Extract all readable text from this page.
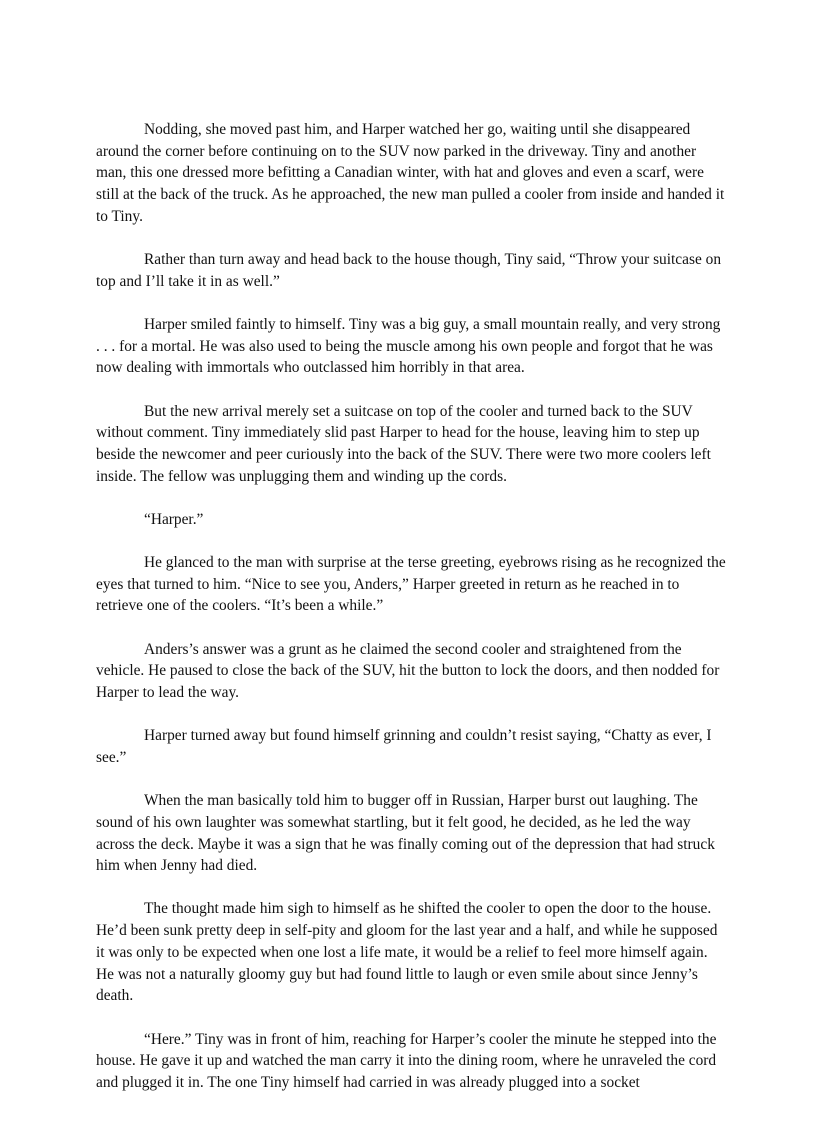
Nodding, she moved past him, and Harper watched her go, waiting until she disappeared around the corner before continuing on to the SUV now parked in the driveway. Tiny and another man, this one dressed more befitting a Canadian winter, with hat and gloves and even a scarf, were still at the back of the truck. As he approached, the new man pulled a cooler from inside and handed it to Tiny.

Rather than turn away and head back to the house though, Tiny said, “Throw your suitcase on top and I’ll take it in as well.”

Harper smiled faintly to himself. Tiny was a big guy, a small mountain really, and very strong . . . for a mortal. He was also used to being the muscle among his own people and forgot that he was now dealing with immortals who outclassed him horribly in that area.

But the new arrival merely set a suitcase on top of the cooler and turned back to the SUV without comment. Tiny immediately slid past Harper to head for the house, leaving him to step up beside the newcomer and peer curiously into the back of the SUV. There were two more coolers left inside. The fellow was unplugging them and winding up the cords.

“Harper.”

He glanced to the man with surprise at the terse greeting, eyebrows rising as he recognized the eyes that turned to him. “Nice to see you, Anders,” Harper greeted in return as he reached in to retrieve one of the coolers. “It’s been a while.”

Anders’s answer was a grunt as he claimed the second cooler and straightened from the vehicle. He paused to close the back of the SUV, hit the button to lock the doors, and then nodded for Harper to lead the way.

Harper turned away but found himself grinning and couldn’t resist saying, “Chatty as ever, I see.”

When the man basically told him to bugger off in Russian, Harper burst out laughing. The sound of his own laughter was somewhat startling, but it felt good, he decided, as he led the way across the deck. Maybe it was a sign that he was finally coming out of the depression that had struck him when Jenny had died.

The thought made him sigh to himself as he shifted the cooler to open the door to the house. He’d been sunk pretty deep in self-pity and gloom for the last year and a half, and while he supposed it was only to be expected when one lost a life mate, it would be a relief to feel more himself again. He was not a naturally gloomy guy but had found little to laugh or even smile about since Jenny’s death.

“Here.” Tiny was in front of him, reaching for Harper’s cooler the minute he stepped into the house. He gave it up and watched the man carry it into the dining room, where he unraveled the cord and plugged it in. The one Tiny himself had carried in was already plugged into a socket
